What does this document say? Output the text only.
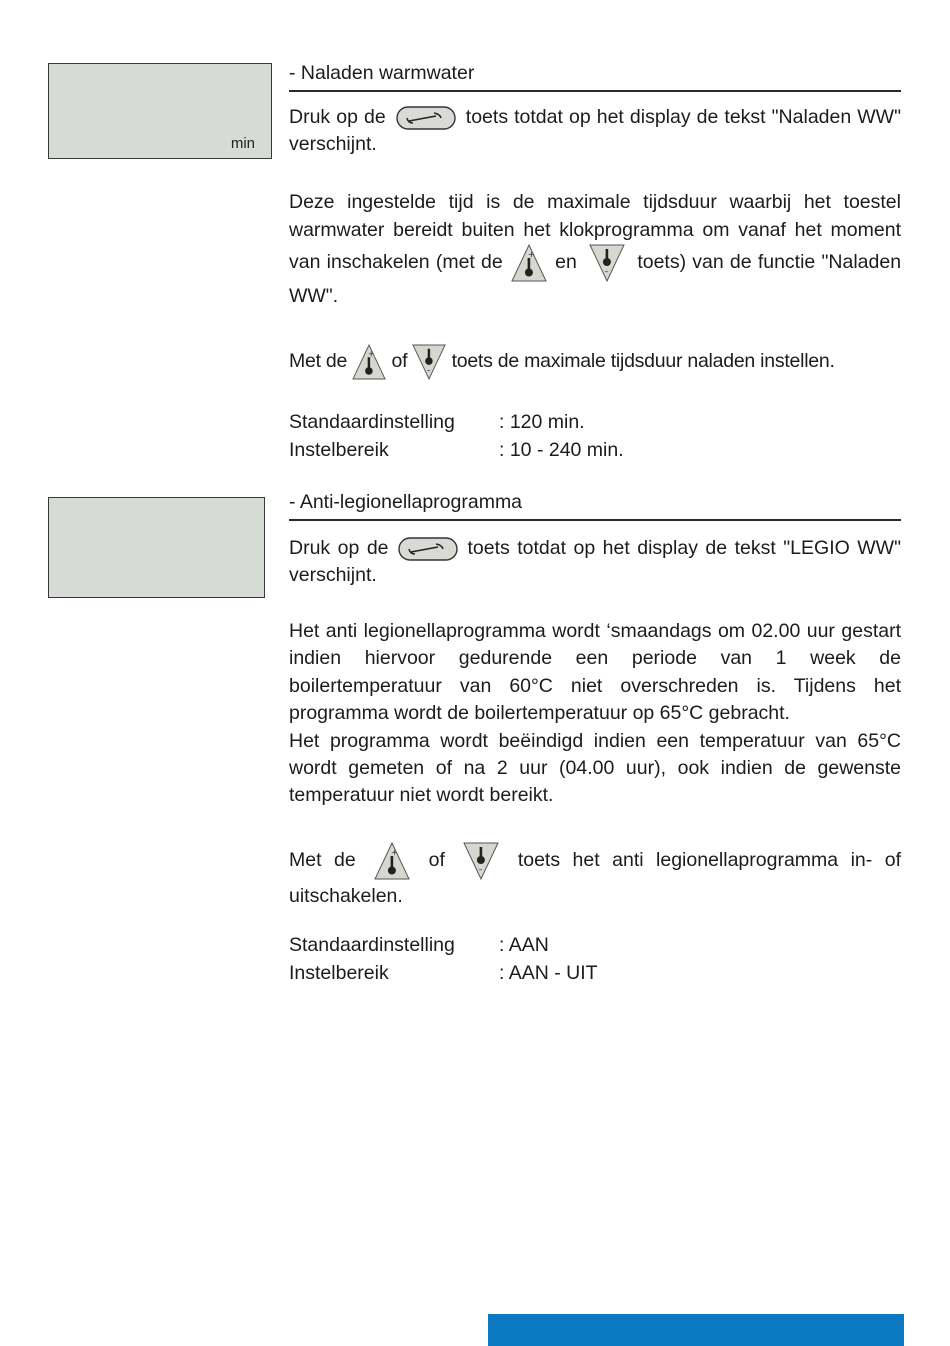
min
- Naladen warmwater

Druk op de	toets totdat op het display de tekst "Naladen WW" verschijnt.

Deze ingestelde tijd is de maximale tijdsduur waarbij het toestel warmwater bereidt buiten het klokprogramma om vanaf het moment van inschakelen (met de	en	toets) van de functie "Naladen WW".

Met de of toets de maximale tijdsduur naladen instellen.

Standaardinstelling : 120 min.
Instelbereik	: 10 - 240 min.
- Anti-legionellaprogramma

Druk op de	toets totdat op het display de tekst "LEGIO WW" verschijnt.

Het anti legionellaprogramma wordt ‘smaandags om 02.00 uur gestart indien hiervoor gedurende een periode van 1 week de boilertemperatuur van 60°C niet overschreden is. Tijdens het programma wordt de boilertemperatuur op 65°C gebracht.

Het programma wordt beëindigd indien een temperatuur van 65°C wordt gemeten of na 2 uur (04.00 uur), ook indien de gewenste temperatuur niet wordt bereikt.

Met de	of	toets het anti legionellaprogramma in- of uitschakelen.

Standaardinstelling : AAN
Instelbereik	: AAN - UIT
